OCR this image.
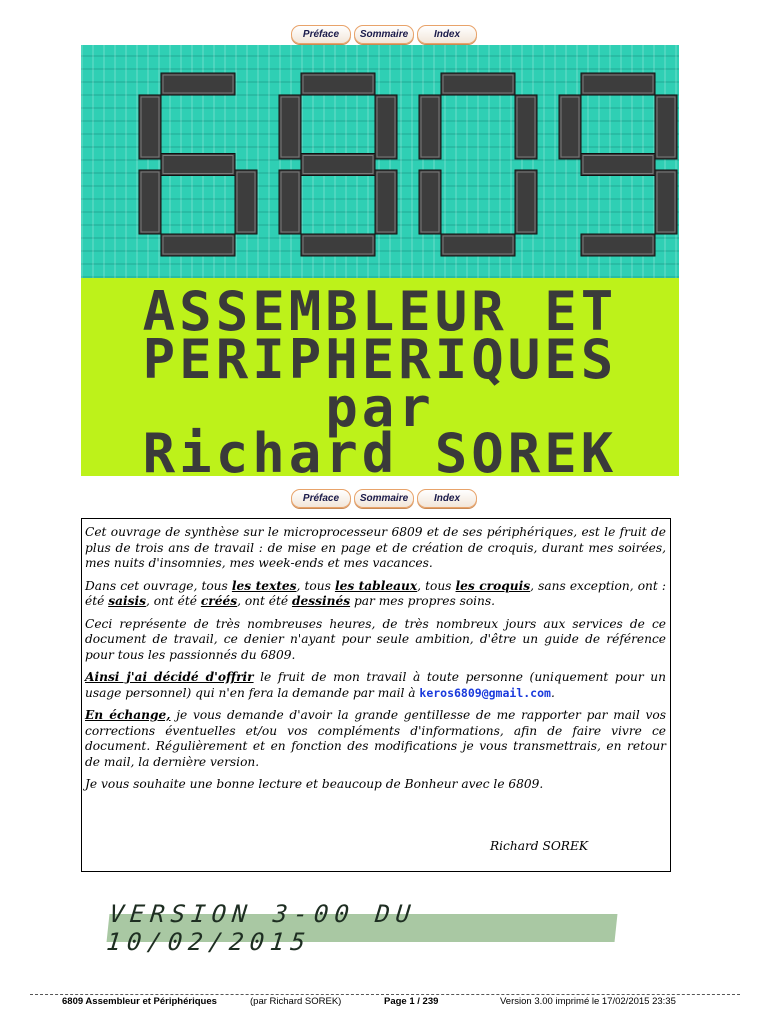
Préface	Sommaire	Index
ASSEMBLEUR ET
PERIPHERIQUES
par
Richard SOREK
Préface	Sommaire	Index

Cet ouvrage de synthèse sur le microprocesseur 6809 et de ses périphériques, est le fruit de plus de trois ans de travail : de mise en page et de création de croquis, durant mes soirées, mes nuits d'insomnies, mes week-ends et mes vacances.

Dans cet ouvrage, tous les textes, tous les tableaux, tous les croquis, sans exception, ont : été saisis, ont été créés, ont été dessinés par mes propres soins.

Ceci représente de très nombreuses heures, de très nombreux jours aux services de ce document de travail, ce denier n'ayant pour seule ambition, d'être un guide de référence pour tous les passionnés du 6809.

Ainsi j'ai décidé d'offrir le fruit de mon travail à toute personne (uniquement pour un usage personnel) qui n'en fera la demande par mail à keros6809@gmail.com.

En échange, je vous demande d'avoir la grande gentillesse de me rapporter par mail vos corrections éventuelles et/ou vos compléments d'informations, afin de faire vivre ce document. Régulièrement et en fonction des modifications je vous transmettrais, en retour de mail, la dernière version.

Je vous souhaite une bonne lecture et beaucoup de Bonheur avec le 6809.

Richard SOREK
VERSION 3-00 DU 10/02/2015
6809 Assembleur et Périphériques	(par Richard SOREK)	Page 1 / 239	Version 3.00 imprimé le 17/02/2015 23:35
